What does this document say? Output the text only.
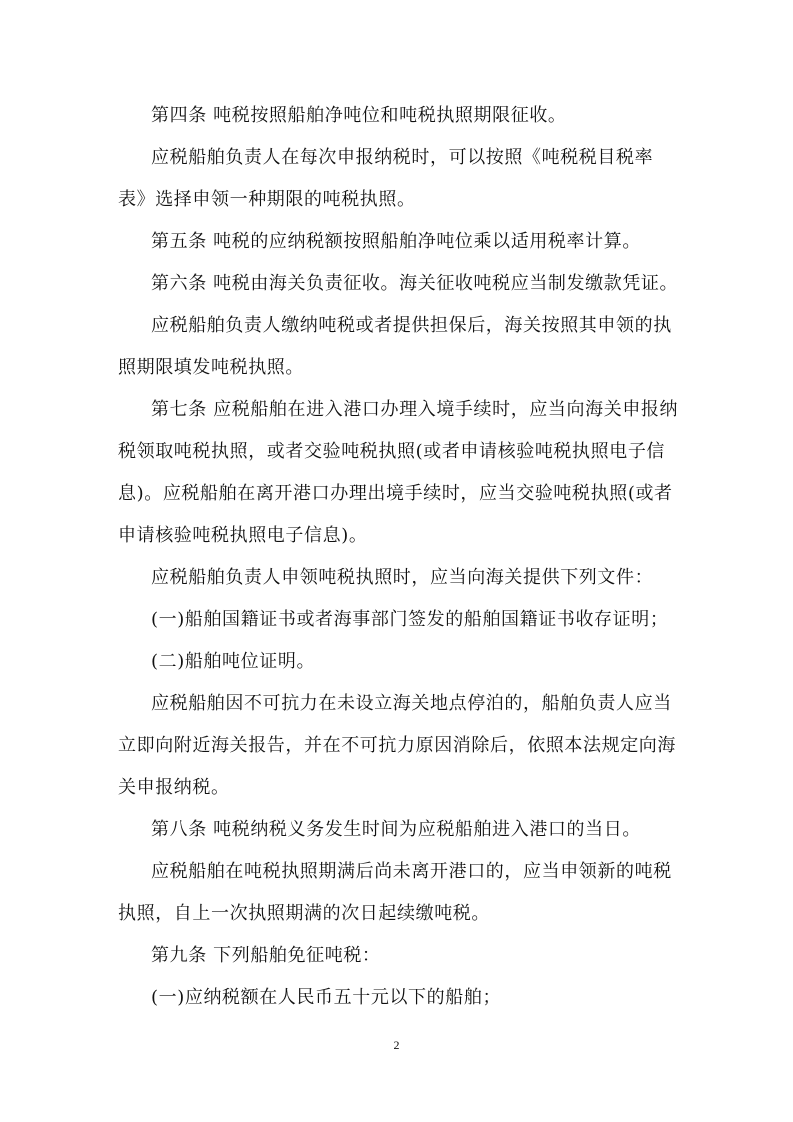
第四条 吨税按照船舶净吨位和吨税执照期限征收。
应税船舶负责人在每次申报纳税时，可以按照《吨税税目税率
表》选择申领一种期限的吨税执照。
第五条 吨税的应纳税额按照船舶净吨位乘以适用税率计算。
第六条 吨税由海关负责征收。海关征收吨税应当制发缴款凭证。
应税船舶负责人缴纳吨税或者提供担保后，海关按照其申领的执
照期限填发吨税执照。
第七条 应税船舶在进入港口办理入境手续时，应当向海关申报纳
税领取吨税执照，或者交验吨税执照(或者申请核验吨税执照电子信
息)。应税船舶在离开港口办理出境手续时，应当交验吨税执照(或者
申请核验吨税执照电子信息)。
应税船舶负责人申领吨税执照时，应当向海关提供下列文件：
(一)船舶国籍证书或者海事部门签发的船舶国籍证书收存证明；
(二)船舶吨位证明。
应税船舶因不可抗力在未设立海关地点停泊的，船舶负责人应当
立即向附近海关报告，并在不可抗力原因消除后，依照本法规定向海
关申报纳税。
第八条 吨税纳税义务发生时间为应税船舶进入港口的当日。
应税船舶在吨税执照期满后尚未离开港口的，应当申领新的吨税
执照，自上一次执照期满的次日起续缴吨税。
第九条 下列船舶免征吨税：
(一)应纳税额在人民币五十元以下的船舶；
2
